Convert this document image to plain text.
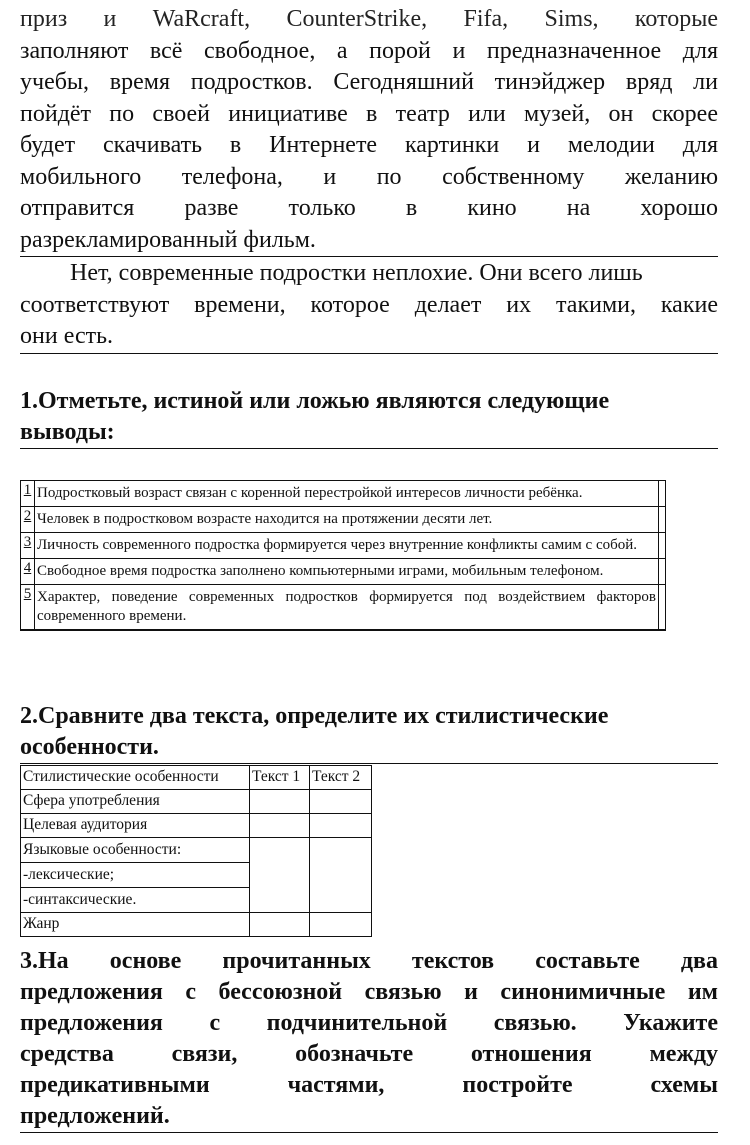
приз и WaRcraft, CounterStrike, Fifa, Sims, которые

заполняют всё свободное, а порой и предназначенное для

учебы, время подростков. Сегодняшний тинэйджер вряд ли

пойдёт по своей инициативе в театр или музей, он скорее

будет скачивать в Интернете картинки и мелодии для

мобильного телефона, и по собственному желанию

отправится разве только в кино на хорошо

разрекламированный фильм.

Нет, современные подростки неплохие. Они всего лишь

соответствуют времени, которое делает их такими, какие

они есть.

1.Отметьте, истиной или ложью являются следующие

выводы:

1	Подростковый возраст связан с коренной перестройкой интересов личности ребёнка.	
2	Человек в подростковом возрасте находится на протяжении десяти лет.	
3	Личность современного подростка формируется через внутренние конфликты самим с собой.	
4	Свободное время подростка заполнено компьютерными играми, мобильным телефоном.	
5	Характер, поведение современных подростков формируется под воздействием факторов современного времени.	

2.Сравните два текста, определите их стилистические

особенности.

Стилистические особенности	Текст 1	Текст 2
Сфера употребления		
Целевая аудитория		

Языковые особенности:
-лексические;
-синтаксические.		

Жанр		

3.На основе прочитанных текстов составьте два

предложения с бессоюзной связью и синонимичные им

предложения с подчинительной связью. Укажите

средства связи, обозначьте отношения между

предикативными частями, постройте схемы

предложений.
